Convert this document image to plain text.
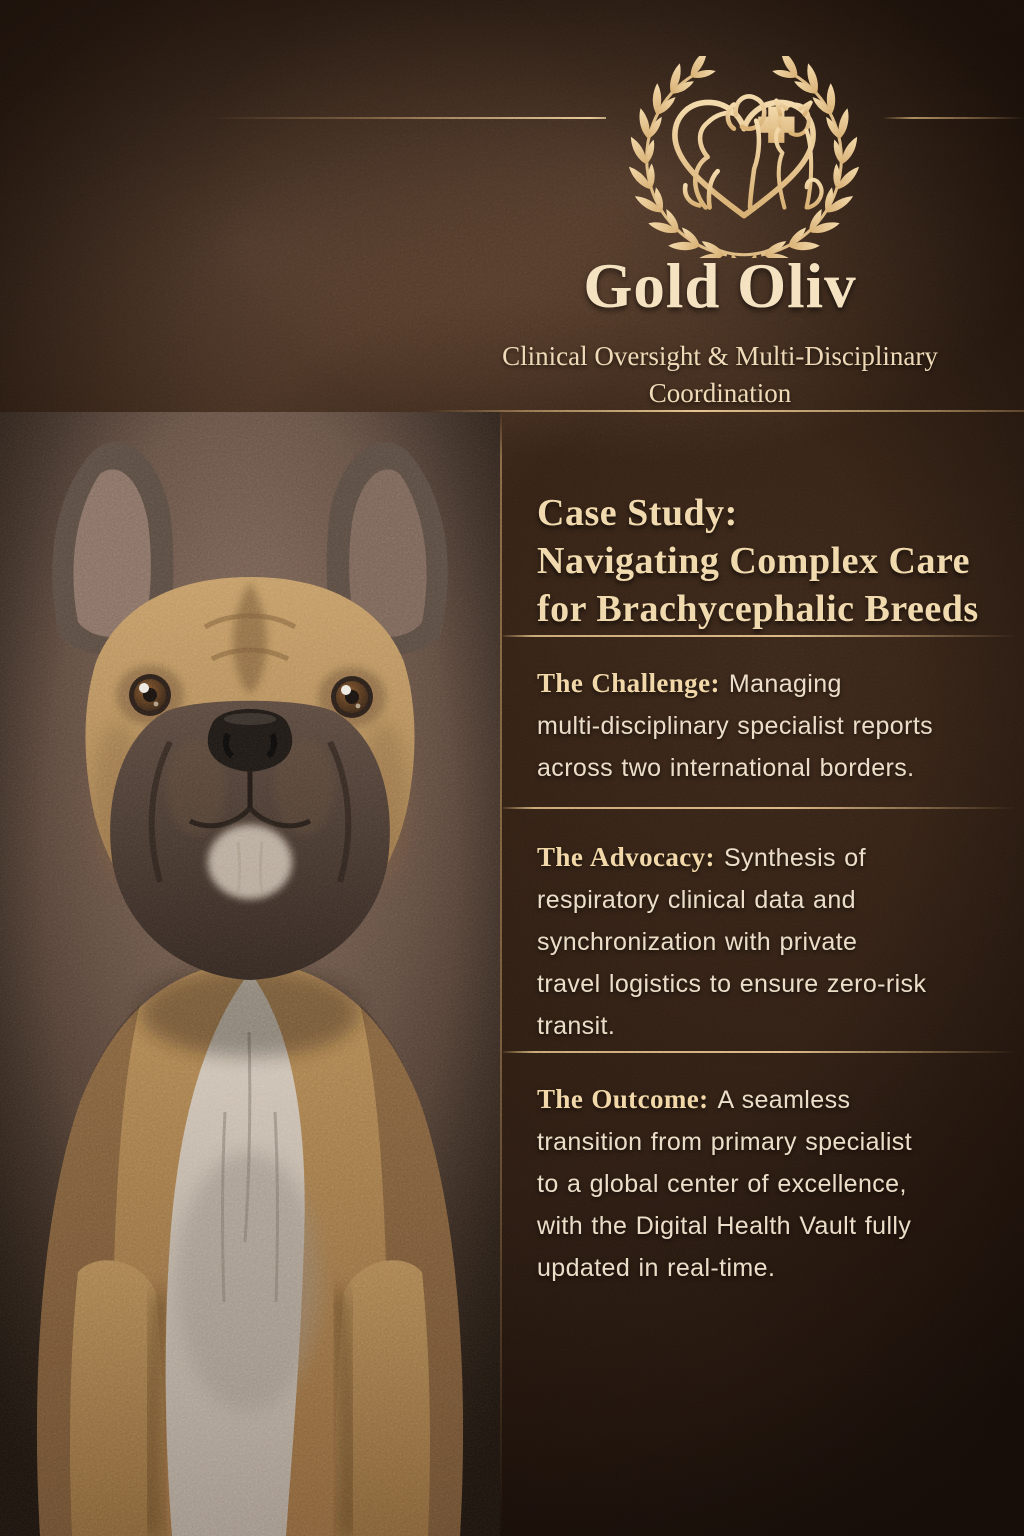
Gold Oliv
Clinical Oversight & Multi-Disciplinary
Coordination
Case Study:
Navigating Complex Care
for Brachycephalic Breeds

The Challenge: Managing
multi-disciplinary specialist reports
across two international borders.

The Advocacy: Synthesis of
respiratory clinical data and
synchronization with private
travel logistics to ensure zero-risk
transit.

The Outcome: A seamless
transition from primary specialist
to a global center of excellence,
with the Digital Health Vault fully
updated in real-time.
